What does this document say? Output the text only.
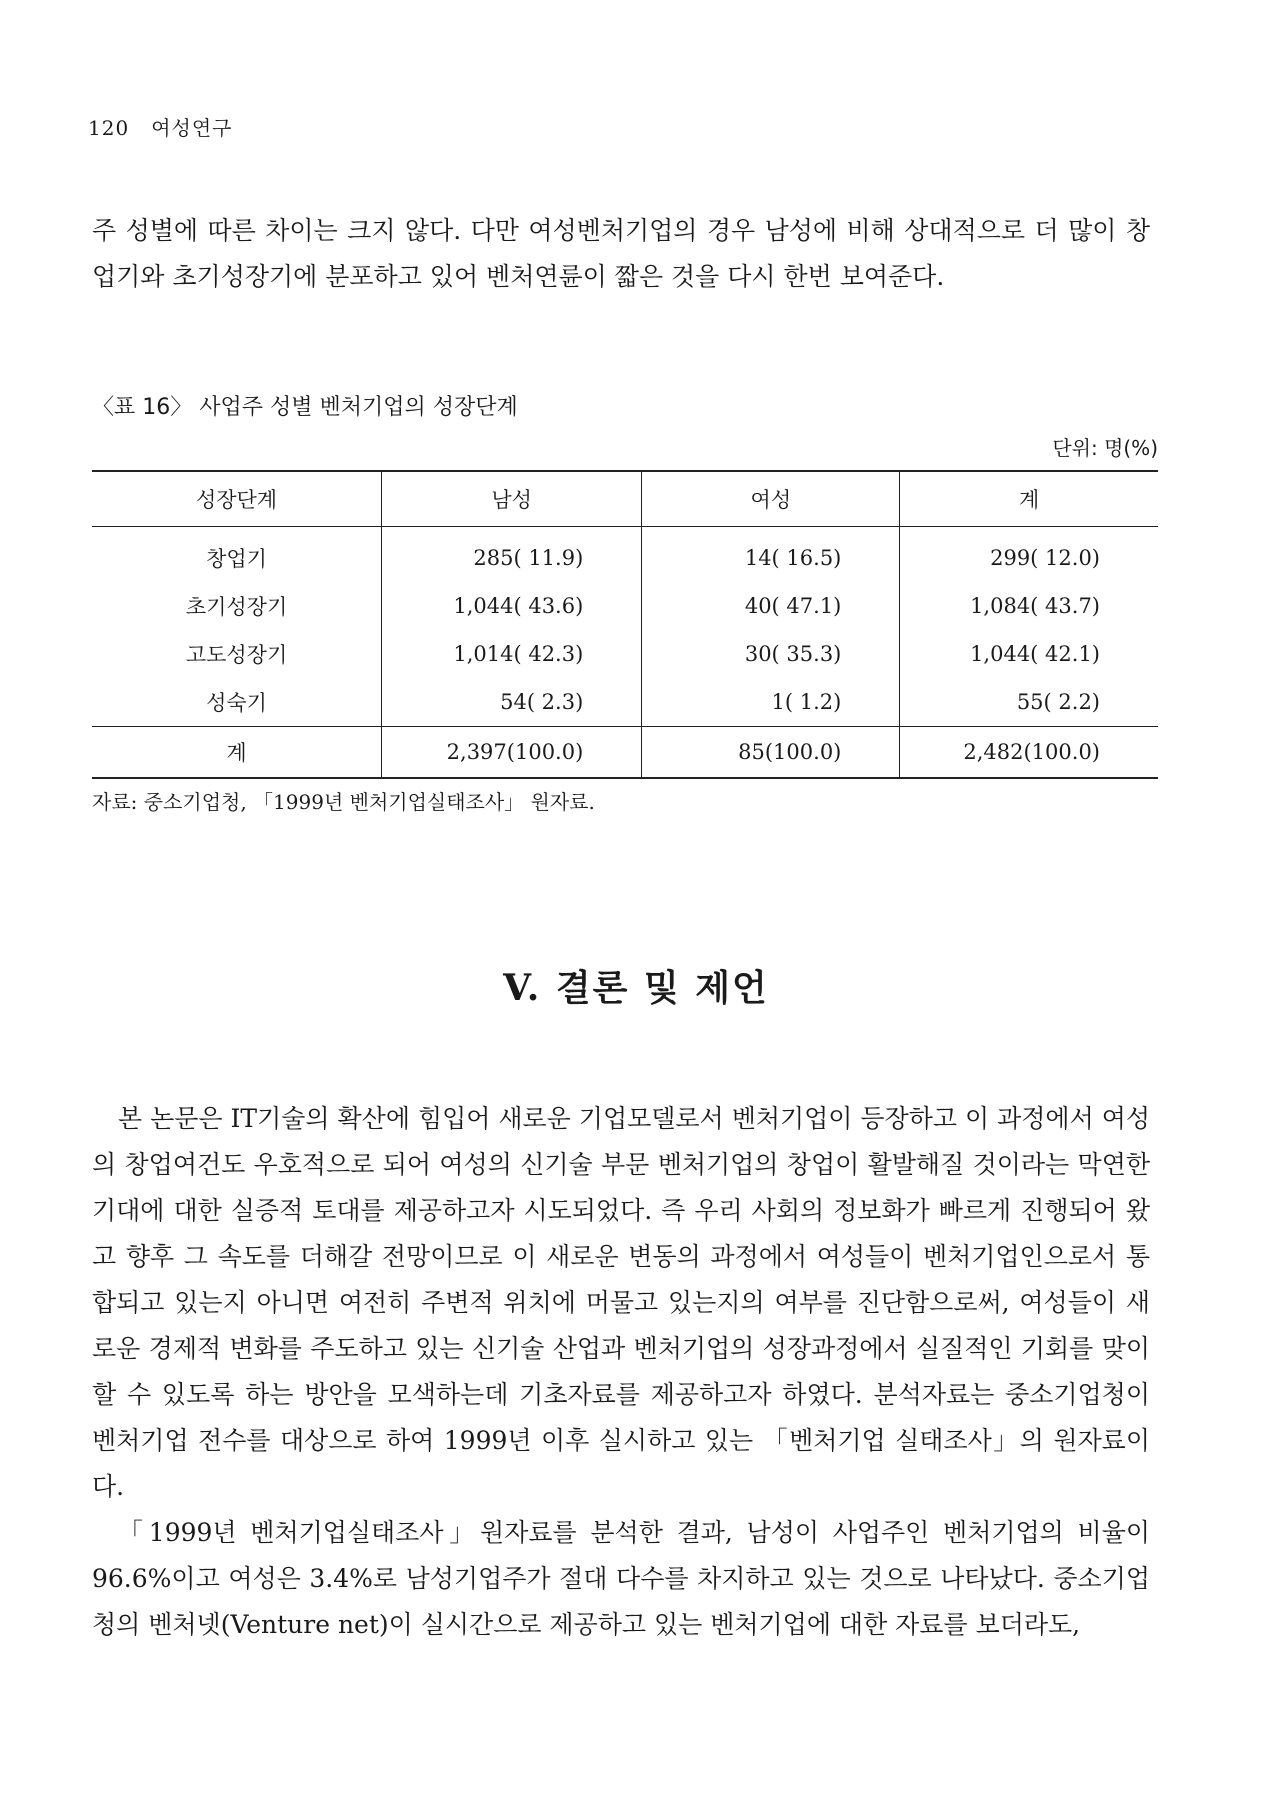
120 여성연구
주 성별에 따른 차이는 크지 않다. 다만 여성벤처기업의 경우 남성에 비해 상대적으로 더 많이 창업기와 초기성장기에 분포하고 있어 벤처연륜이 짧은 것을 다시 한번 보여준다.
〈표 16〉 사업주 성별 벤처기업의 성장단계
단위: 명(%)
성장단계	남성	여성	계
창업기	285( 11.9)	14( 16.5)	299( 12.0)
초기성장기	1,044( 43.6)	40( 47.1)	1,084( 43.7)
고도성장기	1,014( 42.3)	30( 35.3)	1,044( 42.1)
성숙기	54( 2.3)	1( 1.2)	55( 2.2)
계	2,397(100.0)	85(100.0)	2,482(100.0)
자료: 중소기업청, 「1999년 벤처기업실태조사」 원자료.
V. 결론 및 제언
본 논문은 IT기술의 확산에 힘입어 새로운 기업모델로서 벤처기업이 등장하고 이 과정에서 여성의 창업여건도 우호적으로 되어 여성의 신기술 부문 벤처기업의 창업이 활발해질 것이라는 막연한 기대에 대한 실증적 토대를 제공하고자 시도되었다. 즉 우리 사회의 정보화가 빠르게 진행되어 왔고 향후 그 속도를 더해갈 전망이므로 이 새로운 변동의 과정에서 여성들이 벤처기업인으로서 통합되고 있는지 아니면 여전히 주변적 위치에 머물고 있는지의 여부를 진단함으로써, 여성들이 새로운 경제적 변화를 주도하고 있는 신기술 산업과 벤처기업의 성장과정에서 실질적인 기회를 맞이할 수 있도록 하는 방안을 모색하는데 기초자료를 제공하고자 하였다. 분석자료는 중소기업청이 벤처기업 전수를 대상으로 하여 1999년 이후 실시하고 있는 「벤처기업 실태조사」의 원자료이다.
「1999년 벤처기업실태조사」원자료를 분석한 결과, 남성이 사업주인 벤처기업의 비율이 96.6%이고 여성은 3.4%로 남성기업주가 절대 다수를 차지하고 있는 것으로 나타났다. 중소기업청의 벤처넷(Venture net)이 실시간으로 제공하고 있는 벤처기업에 대한 자료를 보더라도,
